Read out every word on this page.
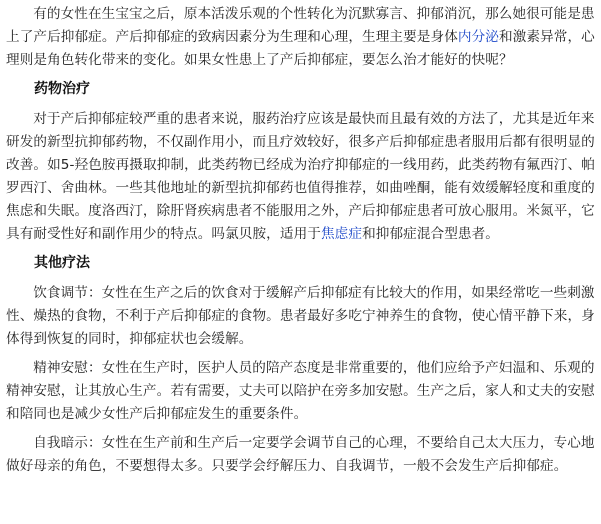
有的女性在生宝宝之后，原本活泼乐观的个性转化为沉默寡言、抑郁消沉，那么她很可能是患上了产后抑郁症。产后抑郁症的致病因素分为生理和心理，生理主要是身体内分泌和激素异常，心理则是角色转化带来的变化。如果女性患上了产后抑郁症，要怎么治才能好的快呢？

药物治疗

对于产后抑郁症较严重的患者来说，服药治疗应该是最快而且最有效的方法了，尤其是近年来研发的新型抗抑郁药物，不仅副作用小，而且疗效较好，很多产后抑郁症患者服用后都有很明显的改善。如5-羟色胺再摄取抑制，此类药物已经成为治疗抑郁症的一线用药，此类药物有氟西汀、帕罗西汀、舍曲林。一些其他地址的新型抗抑郁药也值得推荐，如曲唑酮，能有效缓解轻度和重度的焦虑和失眠。度洛西汀，除肝肾疾病患者不能服用之外，产后抑郁症患者可放心服用。米氮平，它具有耐受性好和副作用少的特点。吗氯贝胺，适用于焦虑症和抑郁症混合型患者。

其他疗法

饮食调节：女性在生产之后的饮食对于缓解产后抑郁症有比较大的作用，如果经常吃一些刺激性、燥热的食物，不利于产后抑郁症的食物。患者最好多吃宁神养生的食物，使心情平静下来，身体得到恢复的同时，抑郁症状也会缓解。

精神安慰：女性在生产时，医护人员的陪产态度是非常重要的，他们应给予产妇温和、乐观的精神安慰，让其放心生产。若有需要，丈夫可以陪护在旁多加安慰。生产之后，家人和丈夫的安慰和陪同也是减少女性产后抑郁症发生的重要条件。

自我暗示：女性在生产前和生产后一定要学会调节自己的心理，不要给自己太大压力，专心地做好母亲的角色，不要想得太多。只要学会纾解压力、自我调节，一般不会发生产后抑郁症。
